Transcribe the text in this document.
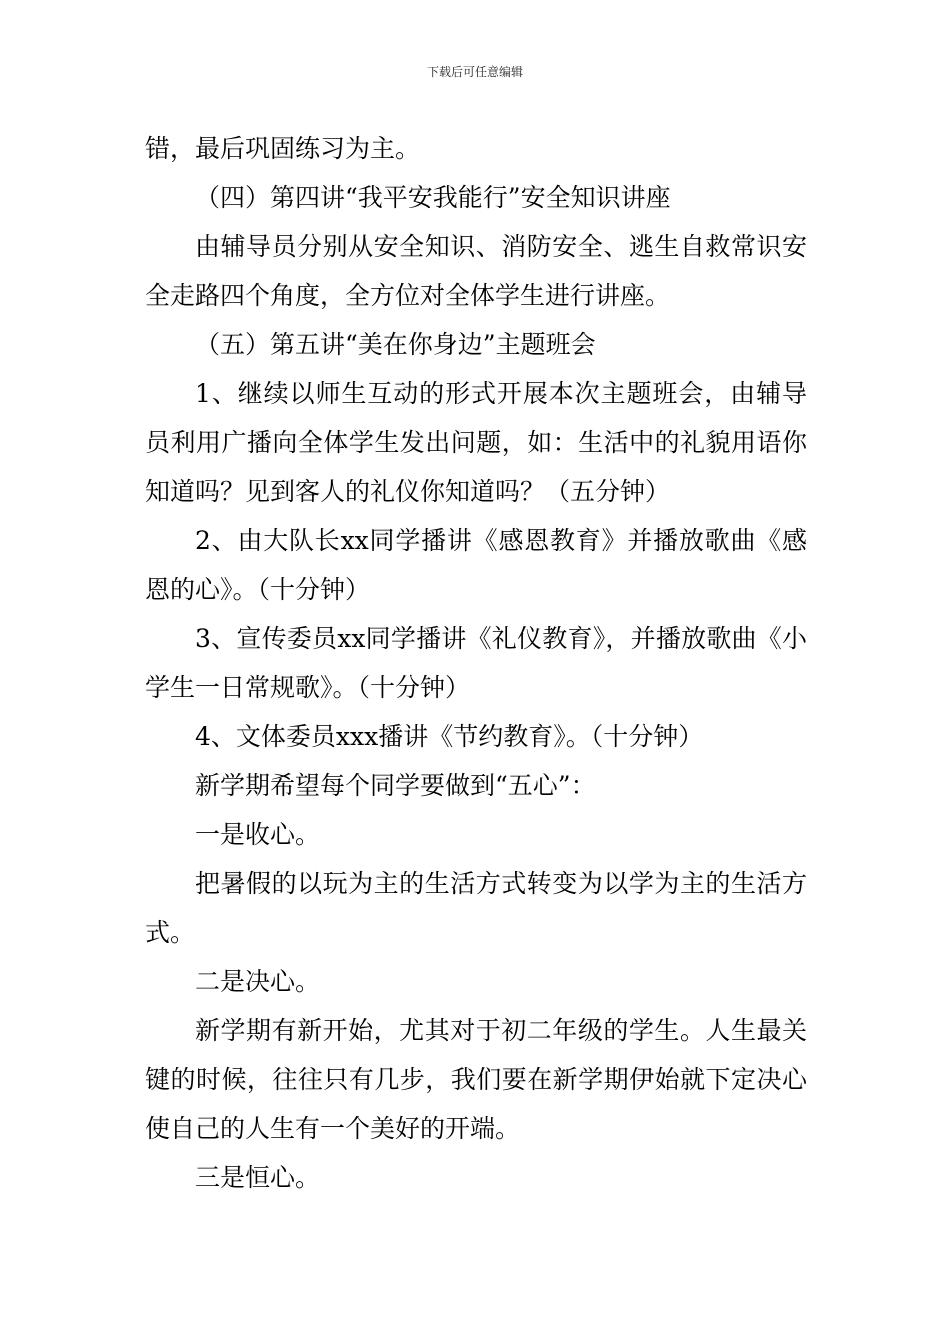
下载后可任意编辑

错，最后巩固练习为主。

（四）第四讲“我平安我能行”安全知识讲座

由辅导员分别从安全知识、消防安全、逃生自救常识安全走路四个角度，全方位对全体学生进行讲座。

（五）第五讲“美在你身边”主题班会

1、继续以师生互动的形式开展本次主题班会，由辅导员利用广播向全体学生发出问题，如：生活中的礼貌用语你知道吗？见到客人的礼仪你知道吗？（五分钟）

2、由大队长xx同学播讲《感恩教育》并播放歌曲《感恩的心》。（十分钟）

3、宣传委员xx同学播讲《礼仪教育》，并播放歌曲《小学生一日常规歌》。（十分钟）

4、文体委员xxx播讲《节约教育》。（十分钟）

新学期希望每个同学要做到“五心”：

一是收心。

把暑假的以玩为主的生活方式转变为以学为主的生活方式。

二是决心。

新学期有新开始，尤其对于初二年级的学生。人生最关键的时候，往往只有几步，我们要在新学期伊始就下定决心使自己的人生有一个美好的开端。

三是恒心。
